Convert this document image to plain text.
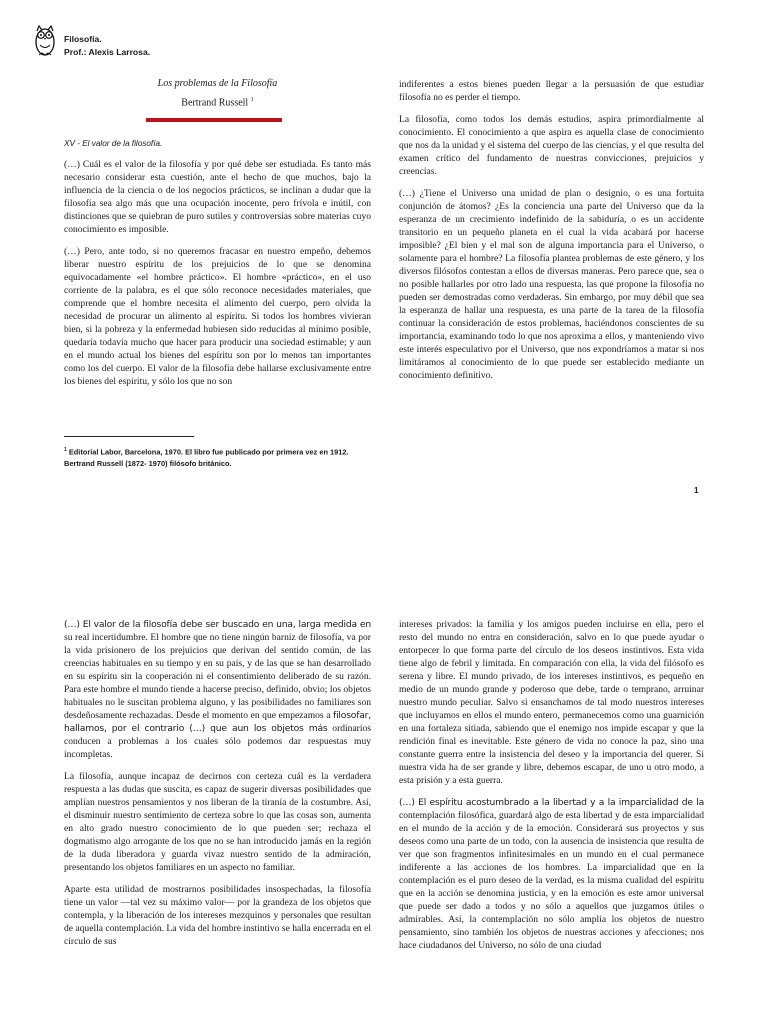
Filosofía.
Prof.: Alexis Larrosa.
Los problemas de la Filosofía
Bertrand Russell $^1$
XV - El valor de la filosofía.

(…) Cuál es el valor de la filosofía y por qué debe ser estudiada. Es tanto más necesario considerar esta cuestión, ante el hecho de que muchos, bajo la influencia de la ciencia o de los negocios prácticos, se inclinan a dudar que la filosofía sea algo más que una ocupación inocente, pero frívola e inútil, con distinciones que se quiebran de puro sutiles y controversias sobre materias cuyo conocimiento es imposible.

(…) Pero, ante todo, si no queremos fracasar en nuestro empeño, debemos liberar nuestro espíritu de los prejuicios de lo que se denomina equivocadamente «el hombre práctico». El hombre «práctico», en el uso corriente de la palabra, es el que sólo reconoce necesidades materiales, que comprende que el hombre necesita el alimento del cuerpo, pero olvida la necesidad de procurar un alimento al espíritu. Si todos los hombres vivieran bien, si la pobreza y la enfermedad hubiesen sido reducidas al mínimo posible, quedaría todavía mucho que hacer para producir una sociedad estimable; y aun en el mundo actual los bienes del espíritu son por lo menos tan importantes como los del cuerpo. El valor de la filosofía debe hallarse exclusivamente entre los bienes del espíritu, y sólo los que no son

indiferentes a estos bienes pueden llegar a la persuasión de que estudiar filosofía no es perder el tiempo.

La filosofía, como todos los demás estudios, aspira primordialmente al conocimiento. El conocimiento a que aspira es aquella clase de conocimiento que nos da la unidad y el sistema del cuerpo de las ciencias, y el que resulta del examen crítico del fundamento de nuestras convicciones, prejuicios y creencias.

(…) ¿Tiene el Universo una unidad de plan o designio, o es una fortuita conjunción de átomos? ¿Es la conciencia una parte del Universo que da la esperanza de un crecimiento indefinido de la sabiduría, o es un accidente transitorio en un pequeño planeta en el cual la vida acabará por hacerse imposible? ¿El bien y el mal son de alguna importancia para el Universo, o solamente para el hombre? La filosofía plantea problemas de este género, y los diversos filósofos contestan a ellos de diversas maneras. Pero parece que, sea o no posible hallarles por otro lado una respuesta, las que propone la filosofía no pueden ser demostradas como verdaderas. Sin embargo, por muy débil que sea la esperanza de hallar una respuesta, es una parte de la tarea de la filosofía continuar la consideración de estos problemas, haciéndonos conscientes de su importancia, examinando todo lo que nos aproxima a ellos, y manteniendo vivo este interés especulativo por el Universo, que nos expondríamos a matar si nos limitáramos al conocimiento de lo que puede ser establecido mediante un conocimiento definitivo.

$^1$ Editorial Labor, Barcelona, 1970. El libro fue publicado por primera vez en 1912.
Bertrand Russell (1872- 1970) filósofo británico.
1

(…) El valor de la filosofía debe ser buscado en una, larga medida en su real incertidumbre. El hombre que no tiene ningún barniz de filosofía, va por la vida prisionero de los prejuicios que derivan del sentido común, de las creencias habituales en su tiempo y en su país, y de las que se han desarrollado en su espíritu sin la cooperación ni el consentimiento deliberado de su razón. Para este hombre el mundo tiende a hacerse preciso, definido, obvio; los objetos habituales no le suscitan problema alguno, y las posibilidades no familiares son desdeñosamente rechazadas. Desde el momento en que empezamos a filosofar, hallamos, por el contrario (…) que aun los objetos más ordinarios conducen a problemas a los cuales sólo podemos dar respuestas muy incompletas.

La filosofía, aunque incapaz de decirnos con certeza cuál es la verdadera respuesta a las dudas que suscita, es capaz de sugerir diversas posibilidades que amplían nuestros pensamientos y nos liberan de la tiranía de la costumbre. Así, el disminuir nuestro sentimiento de certeza sobre lo que las cosas son, aumenta en alto grado nuestro conocimiento de lo que pueden ser; rechaza el dogmatismo algo arrogante de los que no se han introducido jamás en la región de la duda liberadora y guarda vivaz nuestro sentido de la admiración, presentando los objetos familiares en un aspecto no familiar.

Aparte esta utilidad de mostrarnos posibilidades insospechadas, la filosofía tiene un valor —tal vez su máximo valor— por la grandeza de los objetos que contempla, y la liberación de los intereses mezquinos y personales que resultan de aquella contemplación. La vida del hombre instintivo se halla encerrada en el círculo de sus

intereses privados: la familia y los amigos pueden incluirse en ella, pero el resto del mundo no entra en consideración, salvo en lo que puede ayudar o entorpecer lo que forma parte del círculo de los deseos instintivos. Esta vida tiene algo de febril y limitada. En comparación con ella, la vida del filósofo es serena y libre. El mundo privado, de los intereses instintivos, es pequeño en medio de un mundo grande y poderoso que debe, tarde o temprano, arruinar nuestro mundo peculiar. Salvo si ensanchamos de tal modo nuestros intereses que incluyamos en ellos el mundo entero, permanecemos como una guarnición en una fortaleza sitiada, sabiendo que el enemigo nos impide escapar y que la rendición final es inevitable. Este género de vida no conoce la paz, sino una constante guerra entre la insistencia del deseo y la importancia del querer. Si nuestra vida ha de ser grande y libre, debemos escapar, de uno u otro modo, a esta prisión y a esta guerra.

(…) El espíritu acostumbrado a la libertad y a la imparcialidad de la contemplación filosófica, guardará algo de esta libertad y de esta imparcialidad en el mundo de la acción y de la emoción. Considerará sus proyectos y sus deseos como una parte de un todo, con la ausencia de insistencia que resulta de ver que son fragmentos infinitesimales en un mundo en el cual permanece indiferente a las acciones de los hombres. La imparcialidad que en la contemplación es el puro deseo de la verdad, es la misma cualidad del espíritu que en la acción se denomina justicia, y en la emoción es este amor universal que puede ser dado a todos y no sólo a aquellos que juzgamos útiles o admirables. Así, la contemplación no sólo amplía los objetos de nuestro pensamiento, sino también los objetos de nuestras acciones y afecciones; nos hace ciudadanos del Universo, no sólo de una ciudad
